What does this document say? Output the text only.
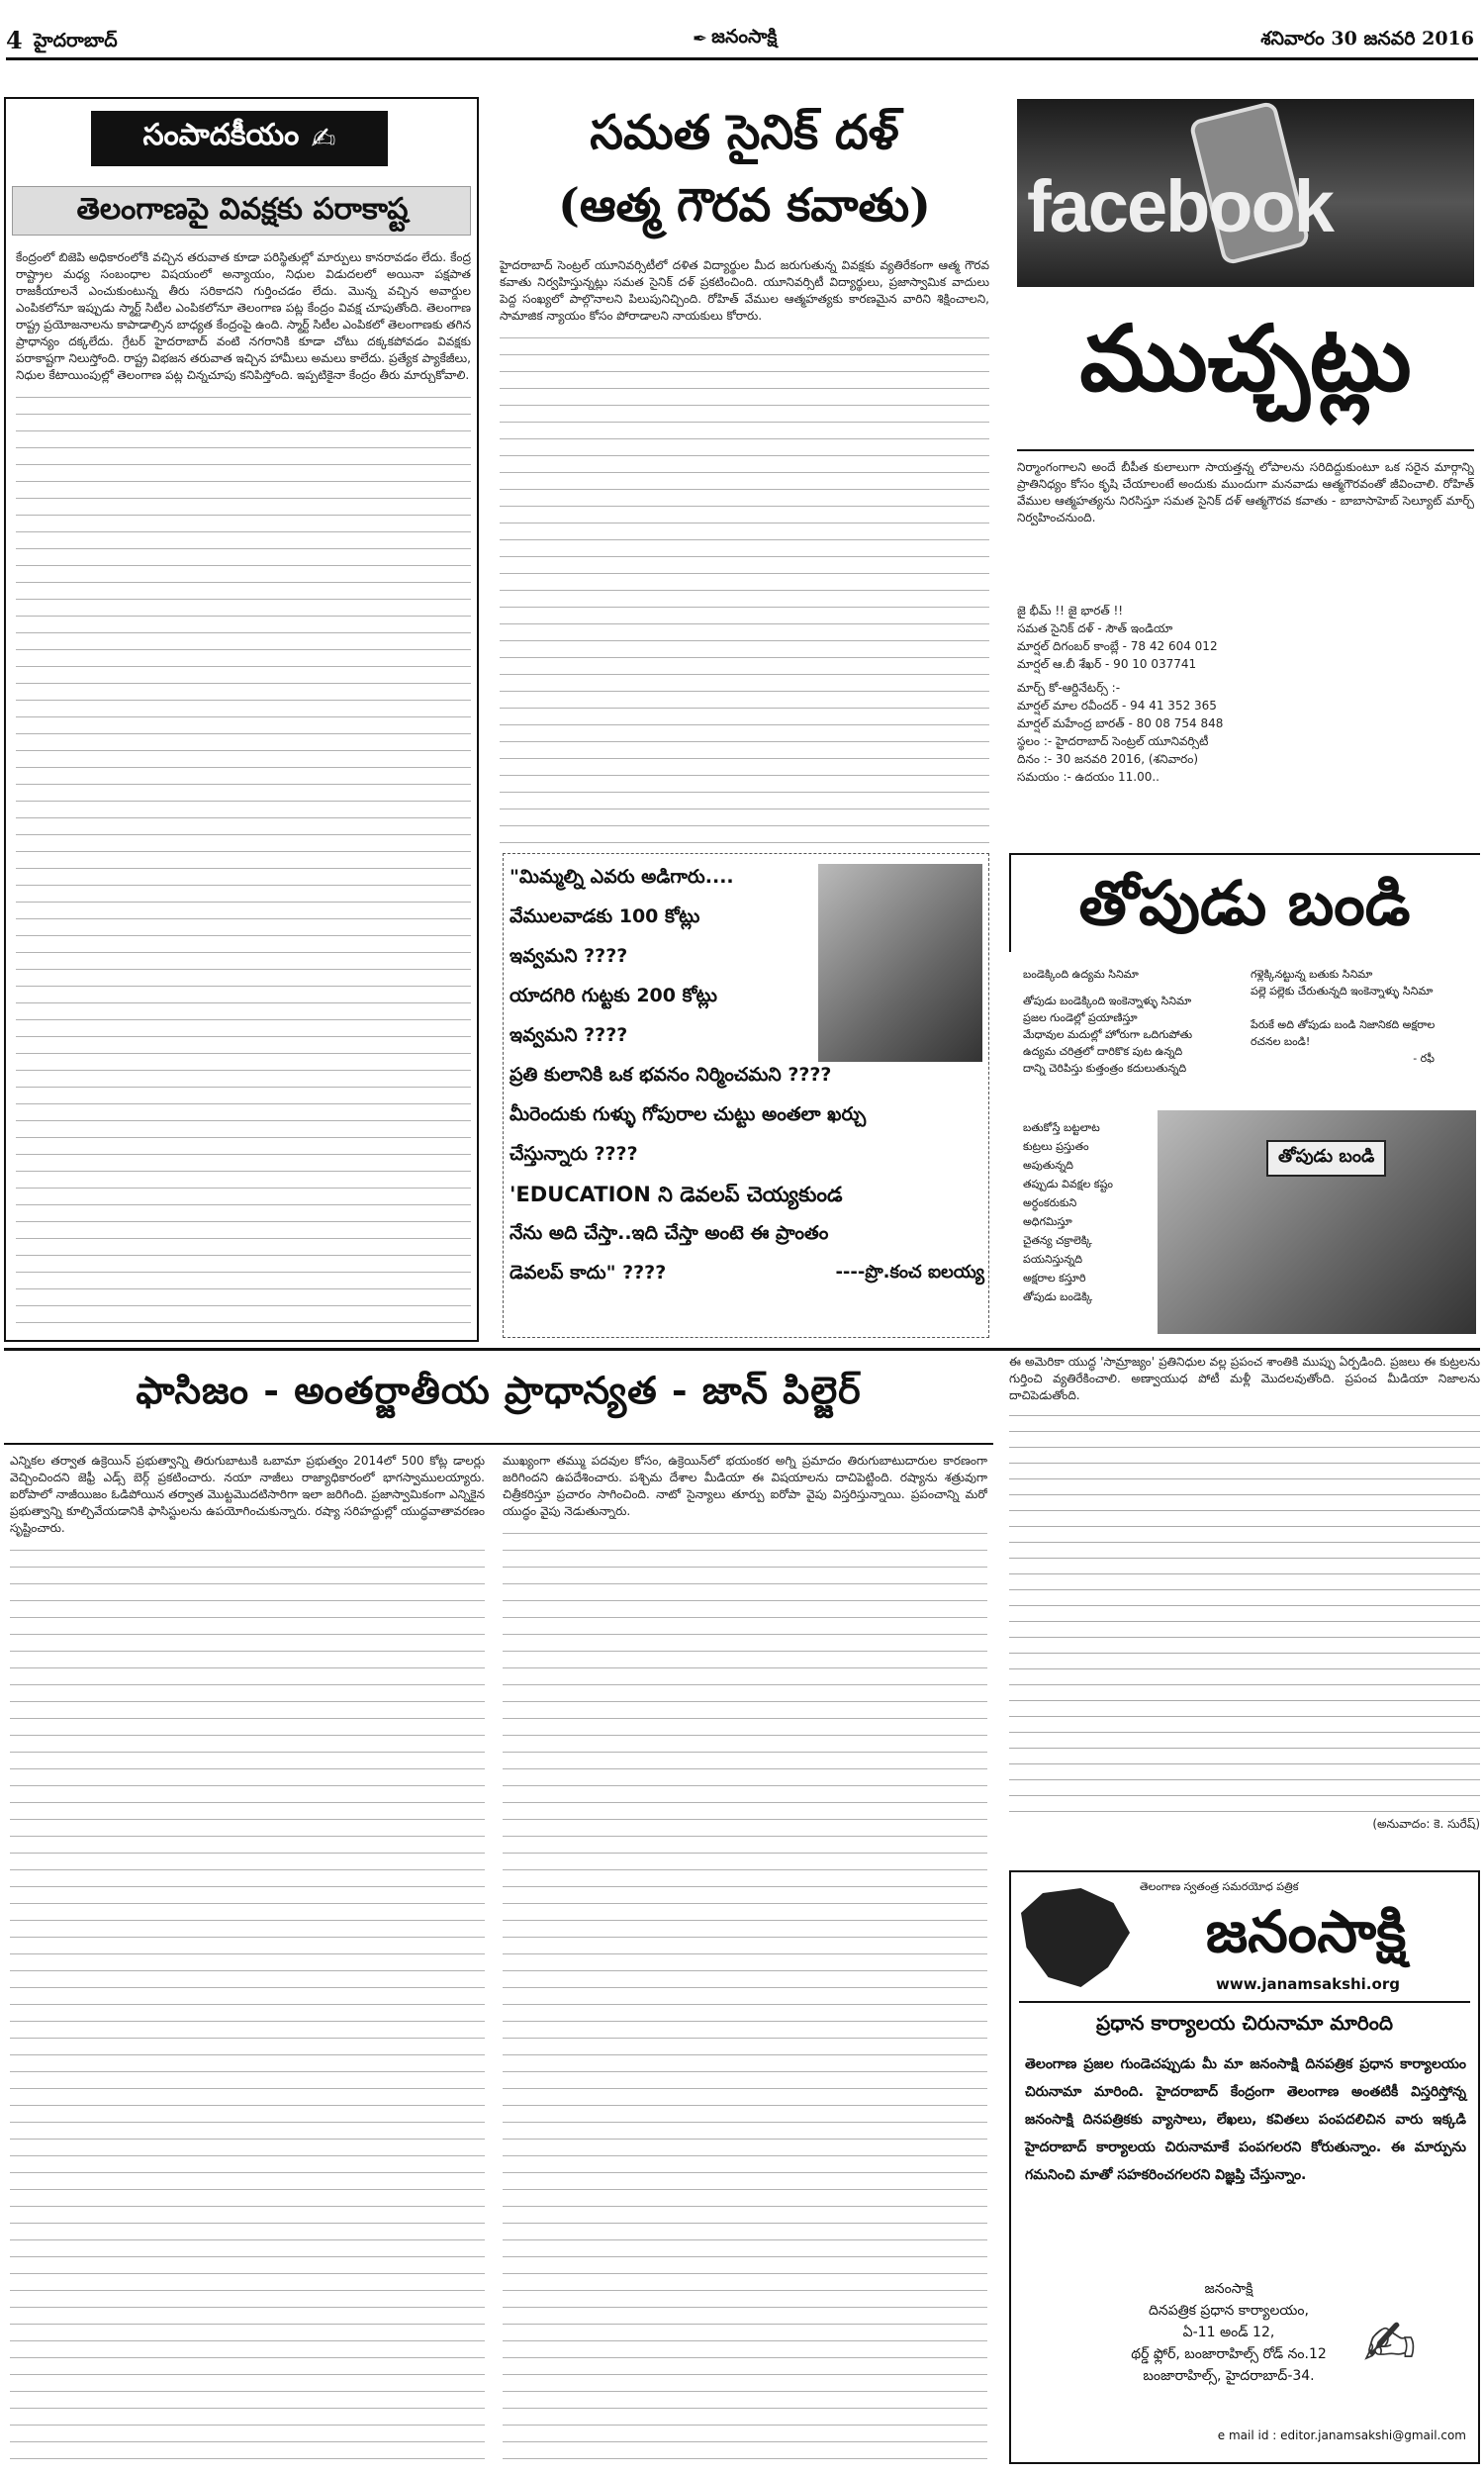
4 హైదరాబాద్	✒ జనంసాక్షి	శనివారం 30 జనవరి 2016
సంపాదకీయం ✍
తెలంగాణపై వివక్షకు పరాకాష్ట

కేంద్రంలో బిజెపి అధికారంలోకి వచ్చిన తరువాత కూడా పరిస్థితుల్లో మార్పులు కానరావడం లేదు. కేంద్ర రాష్ట్రాల మధ్య సంబంధాల విషయంలో అన్యాయం, నిధుల విడుదలలో అయినా పక్షపాత రాజకీయాలనే ఎంచుకుంటున్న తీరు సరికాదని గుర్తించడం లేదు. మొన్న వచ్చిన అవార్డుల ఎంపికలోనూ ఇప్పుడు స్మార్ట్ సిటీల ఎంపికలోనూ తెలంగాణ పట్ల కేంద్రం వివక్ష చూపుతోంది. తెలంగాణ రాష్ట్ర ప్రయోజనాలను కాపాడాల్సిన బాధ్యత కేంద్రంపై ఉంది. స్మార్ట్ సిటీల ఎంపికలో తెలంగాణకు తగిన ప్రాధాన్యం దక్కలేదు. గ్రేటర్ హైదరాబాద్ వంటి నగరానికి కూడా చోటు దక్కకపోవడం వివక్షకు పరాకాష్టగా నిలుస్తోంది. రాష్ట్ర విభజన తరువాత ఇచ్చిన హామీలు అమలు కాలేదు. ప్రత్యేక ప్యాకేజీలు, నిధుల కేటాయింపుల్లో తెలంగాణ పట్ల చిన్నచూపు కనిపిస్తోంది. ఇప్పటికైనా కేంద్రం తీరు మార్చుకోవాలి.

సమత సైనిక్ దళ్
(ఆత్మ గౌరవ కవాతు)

హైదరాబాద్ సెంట్రల్ యూనివర్సిటీలో దళిత విద్యార్థుల మీద జరుగుతున్న వివక్షకు వ్యతిరేకంగా ఆత్మ గౌరవ కవాతు నిర్వహిస్తున్నట్లు సమత సైనిక్ దళ్ ప్రకటించింది. యూనివర్సిటీ విద్యార్థులు, ప్రజాస్వామిక వాదులు పెద్ద సంఖ్యలో పాల్గొనాలని పిలుపునిచ్చింది. రోహిత్ వేముల ఆత్మహత్యకు కారణమైన వారిని శిక్షించాలని, సామాజిక న్యాయం కోసం పోరాడాలని నాయకులు కోరారు.

"మిమ్మల్ని ఎవరు అడిగారు....
వేములవాడకు 100 కోట్లు
ఇవ్వమని ????
యాదగిరి గుట్టకు 200 కోట్లు
ఇవ్వమని ????
ప్రతి కులానికి ఒక భవనం నిర్మించమని ????
మీరెందుకు గుళ్ళు గోపురాల చుట్టు అంతలా ఖర్చు
చేస్తున్నారు ????
'EDUCATION ని డెవలప్ చెయ్యకుండ
నేను అది చేస్తా..ఇది చేస్తా అంటె ఈ ప్రాంతం
డెవలప్ కాదు" ????	----ప్రొ.కంచ ఐలయ్య
facebook
ముచ్చట్లు
నిర్మాంగంగాలని అందే బీపీత కులాలుగా సాయత్తన్న లోపాలను సరిదిద్దుకుంటూ ఒక సరైన మార్గాన్ని ప్రాతినిధ్యం కోసం కృషి చేయాలంటే అందుకు ముందుగా మనవాడు ఆత్మగౌరవంతో జీవించాలి. రోహిత్ వేముల ఆత్మహత్యను నిరసిస్తూ సమత సైనిక్ దళ్ ఆత్మగౌరవ కవాతు - బాబాసాహెబ్ సెల్యూట్ మార్చ్ నిర్వహించనుంది.
జై భీమ్ !! జై భారత్ !!
సమత సైనిక్ దళ్ - సౌత్ ఇండియా
మార్షల్ దిగంబర్ కాంబ్లే - 78 42 604 012
మార్షల్ ఆ.బీ శేఖర్ - 90 10 037741
మార్చ్ కో-ఆర్డినేటర్స్ :-
మార్షల్ మాల రవీందర్ - 94 41 352 365
మార్షల్ మహేంద్ర బారత్ - 80 08 754 848
స్థలం :- హైదరాబాద్ సెంట్రల్ యూనివర్సిటీ
దినం :- 30 జనవరి 2016, (శనివారం)
సమయం :- ఉదయం 11.00..
తోపుడు బండి
బండెక్కింది ఉద్యమ సినిమా
తోపుడు బండెక్కింది ఇంకెన్నాళ్ళు సినిమా
ప్రజల గుండెల్లో ప్రయాణిస్తూ
మేధావుల మదుల్లో హోరుగా ఒదిగుపోతు
ఉద్యమ చరిత్రలో దారికొక పుట ఉన్నది
దాన్ని చెరిపిస్తు కుత్తంత్రం కదులుతున్నది
గళ్లెక్కినట్టున్న బతుకు సినిమా
పల్లె పల్లెకు చేరుతున్నది ఇంకెన్నాళ్ళు సినిమా
పేరుకే అది తోపుడు బండి నిజానికది అక్షరాల
రచనల బండి!
- రఫీ
బతుకోస్తే బట్టలాట
కుట్రలు ప్రస్తుతం
అపుతున్నది
తప్పుడు వివక్షల కష్టం
అర్ధంకరుకుని
అధిగమిస్తూ
చైతన్య చక్రాలెక్కి
పయనిస్తున్నది
అక్షరాల కస్తూరి
తోపుడు బండెక్కి
తోపుడు బండి
ఫాసిజం - అంతర్జాతీయ ప్రాధాన్యత - జాన్ పిల్జెర్

ఎన్నికల తర్వాత ఉక్రెయిన్ ప్రభుత్వాన్ని తిరుగుబాటుకి ఒబామా ప్రభుత్వం 2014లో 500 కోట్ల డాలర్లు వెచ్చించిందని జెఫ్రీ ఎడ్స్ బెర్గ్ ప్రకటించారు. నయా నాజీలు రాజ్యాధికారంలో భాగస్వాములయ్యారు. ఐరోపాలో నాజీయిజం ఓడిపోయిన తర్వాత మొట్టమొదటిసారిగా ఇలా జరిగింది. ప్రజాస్వామికంగా ఎన్నికైన ప్రభుత్వాన్ని కూల్చివేయడానికి ఫాసిస్టులను ఉపయోగించుకున్నారు. రష్యా సరిహద్దుల్లో యుద్ధవాతావరణం సృష్టించారు.

ముఖ్యంగా తమ్ము పదవుల కోసం, ఉక్రెయిన్‌లో భయంకర అగ్ని ప్రమాదం తిరుగుబాటుదారుల కారణంగా జరిగిందని ఉపదేశించారు. పశ్చిమ దేశాల మీడియా ఈ విషయాలను దాచిపెట్టింది. రష్యాను శత్రువుగా చిత్రీకరిస్తూ ప్రచారం సాగించింది. నాటో సైన్యాలు తూర్పు ఐరోపా వైపు విస్తరిస్తున్నాయి. ప్రపంచాన్ని మరో యుద్ధం వైపు నెడుతున్నారు.

ఈ అమెరికా యుద్ధ 'సామ్రాజ్యం' ప్రతినిధుల వల్ల ప్రపంచ శాంతికి ముప్పు ఏర్పడింది. ప్రజలు ఈ కుట్రలను గుర్తించి వ్యతిరేకించాలి. అణ్వాయుధ పోటీ మళ్లీ మొదలవుతోంది. ప్రపంచ మీడియా నిజాలను దాచిపెడుతోంది.

(అనువాదం: కె. సురేష్)
తెలంగాణ స్వతంత్ర సమరయోధ పత్రిక
జనంసాక్షి
www.janamsakshi.org
ప్రధాన కార్యాలయ చిరునామా మారింది
తెలంగాణ ప్రజల గుండెచప్పుడు మీ మా జనంసాక్షి దినపత్రిక ప్రధాన కార్యాలయం చిరునామా మారింది. హైదరాబాద్ కేంద్రంగా తెలంగాణ అంతటికీ విస్తరిస్తోన్న జనంసాక్షి దినపత్రికకు వ్యాసాలు, లేఖలు, కవితలు పంపదలిచిన వారు ఇక్కడి హైదరాబాద్ కార్యాలయ చిరునామాకే పంపగలరని కోరుతున్నాం. ఈ మార్పును గమనించి మాతో సహకరించగలరని విజ్ఞప్తి చేస్తున్నాం.
జనంసాక్షి
దినపత్రిక ప్రధాన కార్యాలయం,
ఏ-11 అండ్ 12,
థర్డ్ ఫ్లోర్, బంజారాహిల్స్ రోడ్ నం.12
బంజారాహిల్స్, హైదరాబాద్-34. ✍
e mail id : editor.janamsakshi@gmail.com
